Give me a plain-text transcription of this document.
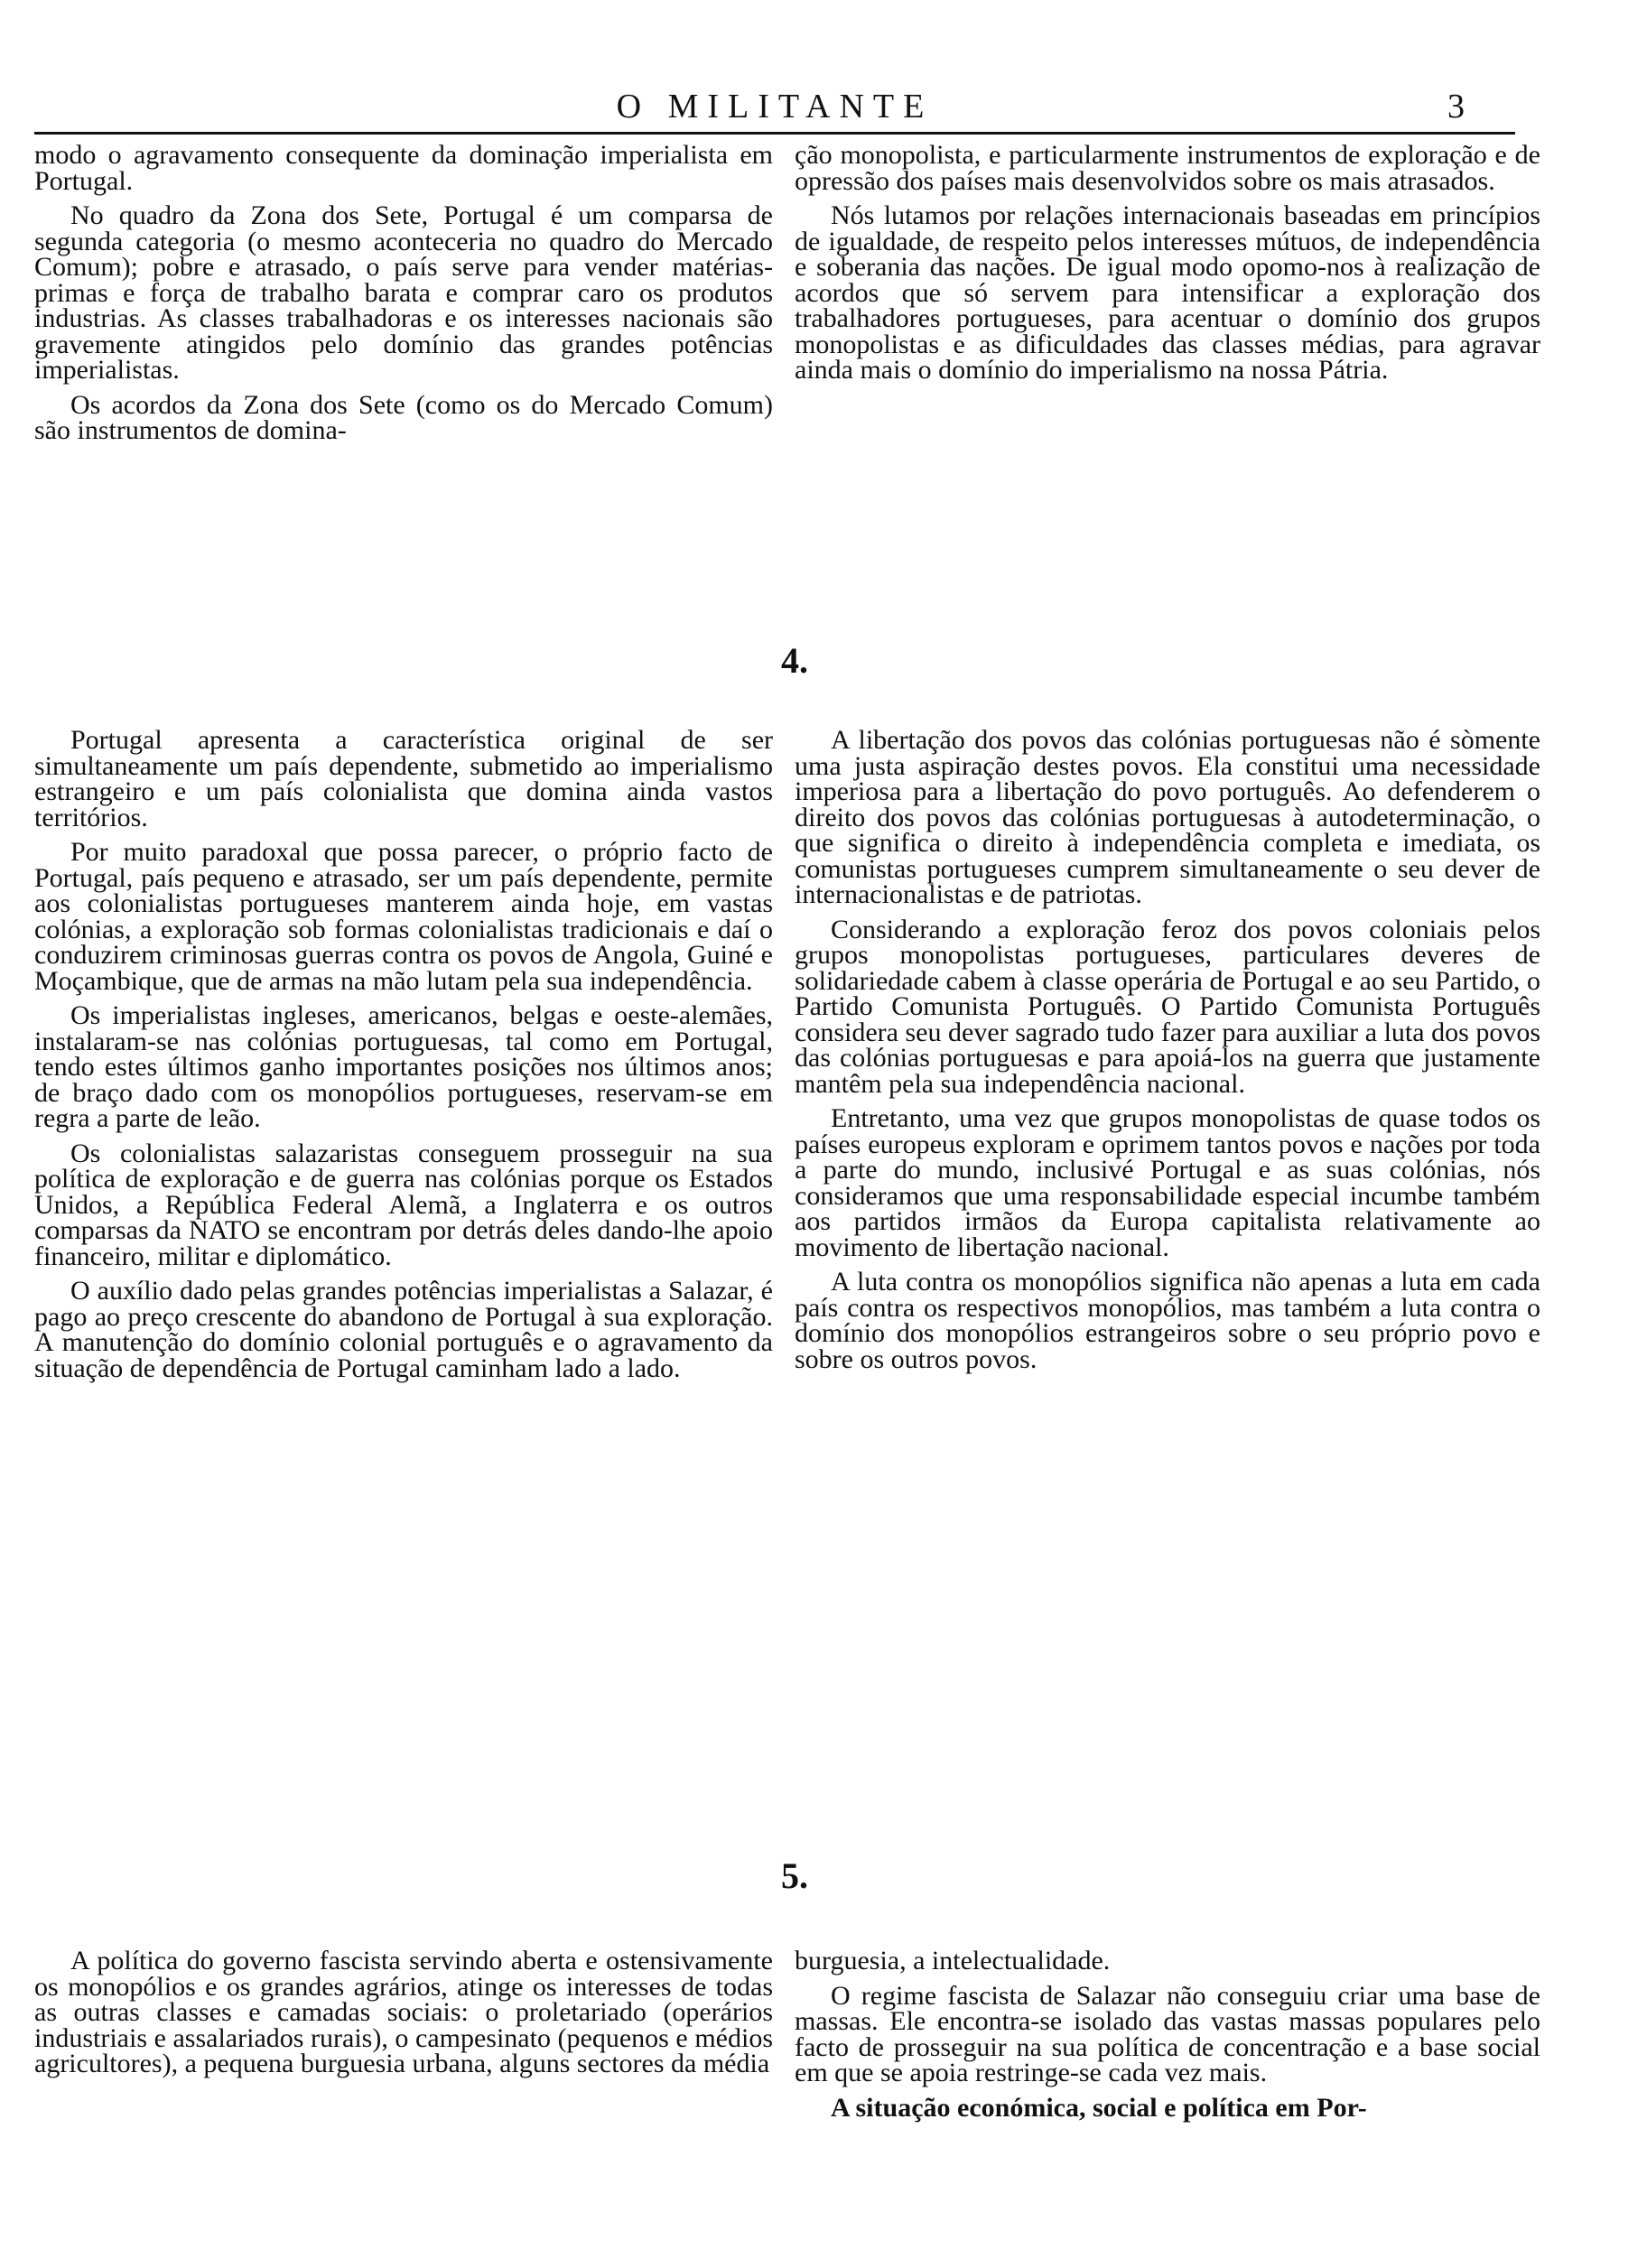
O MILITANTE	3

modo o agravamento consequente da dominação imperialista em Portugal.

No quadro da Zona dos Sete, Portugal é um comparsa de segunda categoria (o mesmo aconteceria no quadro do Mercado Comum); pobre e atrasado, o país serve para vender matérias-primas e força de trabalho barata e comprar caro os produtos industrias. As classes trabalhadoras e os interesses nacionais são gravemente atingidos pelo domínio das grandes potências imperialistas.

Os acordos da Zona dos Sete (como os do Mercado Comum) são instrumentos de domina-

ção monopolista, e particularmente instrumentos de exploração e de opressão dos países mais desenvolvidos sobre os mais atrasados.

Nós lutamos por relações internacionais baseadas em princípios de igualdade, de respeito pelos interesses mútuos, de independência e soberania das nações. De igual modo opomo-nos à realização de acordos que só servem para intensificar a exploração dos trabalhadores portugueses, para acentuar o domínio dos grupos monopolistas e as dificuldades das classes médias, para agravar ainda mais o domínio do imperialismo na nossa Pátria.

4.

Portugal apresenta a característica original de ser simultaneamente um país dependente, submetido ao imperialismo estrangeiro e um país colonialista que domina ainda vastos territórios.

Por muito paradoxal que possa parecer, o próprio facto de Portugal, país pequeno e atrasado, ser um país dependente, permite aos colonialistas portugueses manterem ainda hoje, em vastas colónias, a exploração sob formas colonialistas tradicionais e daí o conduzirem criminosas guerras contra os povos de Angola, Guiné e Moçambique, que de armas na mão lutam pela sua independência.

Os imperialistas ingleses, americanos, belgas e oeste-alemães, instalaram-se nas colónias portuguesas, tal como em Portugal, tendo estes últimos ganho importantes posições nos últimos anos; de braço dado com os monopólios portugueses, reservam-se em regra a parte de leão.

Os colonialistas salazaristas conseguem prosseguir na sua política de exploração e de guerra nas colónias porque os Estados Unidos, a República Federal Alemã, a Inglaterra e os outros comparsas da NATO se encontram por detrás deles dando-lhe apoio financeiro, militar e diplomático.

O auxílio dado pelas grandes potências imperialistas a Salazar, é pago ao preço crescente do abandono de Portugal à sua exploração. A manutenção do domínio colonial português e o agravamento da situação de dependência de Portugal caminham lado a lado.

A libertação dos povos das colónias portuguesas não é sòmente uma justa aspiração destes povos. Ela constitui uma necessidade imperiosa para a libertação do povo português. Ao defenderem o direito dos povos das colónias portuguesas à autodeterminação, o que significa o direito à independência completa e imediata, os comunistas portugueses cumprem simultaneamente o seu dever de internacionalistas e de patriotas.

Considerando a exploração feroz dos povos coloniais pelos grupos monopolistas portugueses, particulares deveres de solidariedade cabem à classe operária de Portugal e ao seu Partido, o Partido Comunista Português. O Partido Comunista Português considera seu dever sagrado tudo fazer para auxiliar a luta dos povos das colónias portuguesas e para apoiá-los na guerra que justamente mantêm pela sua independência nacional.

Entretanto, uma vez que grupos monopolistas de quase todos os países europeus exploram e oprimem tantos povos e nações por toda a parte do mundo, inclusivé Portugal e as suas colónias, nós consideramos que uma responsabilidade especial incumbe também aos partidos irmãos da Europa capitalista relativamente ao movimento de libertação nacional.

A luta contra os monopólios significa não apenas a luta em cada país contra os respectivos monopólios, mas também a luta contra o domínio dos monopólios estrangeiros sobre o seu próprio povo e sobre os outros povos.

5.

A política do governo fascista servindo aberta e ostensivamente os monopólios e os grandes agrários, atinge os interesses de todas as outras classes e camadas sociais: o proletariado (operários industriais e assalariados rurais), o campesinato (pequenos e médios agricultores), a pequena burguesia urbana, alguns sectores da média

burguesia, a intelectualidade.

O regime fascista de Salazar não conseguiu criar uma base de massas. Ele encontra-se isolado das vastas massas populares pelo facto de prosseguir na sua política de concentração e a base social em que se apoia restringe-se cada vez mais.

A situação económica, social e política em Por-
